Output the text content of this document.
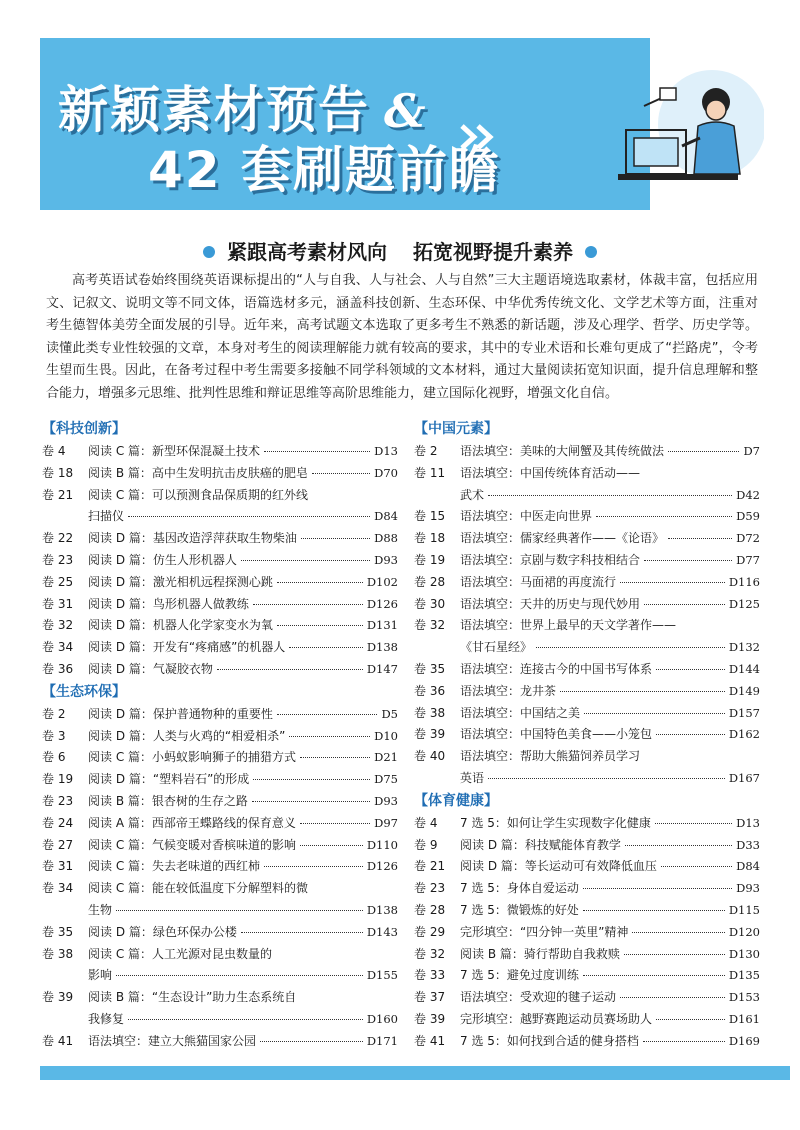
新颖素材预告 &
42 套刷题前瞻
紧跟高考素材风向 拓宽视野提升素养

高考英语试卷始终围绕英语课标提出的“人与自我、人与社会、人与自然”三大主题语境选取素材，体裁丰富，包括应用文、记叙文、说明文等不同文体，语篇选材多元，涵盖科技创新、生态环保、中华优秀传统文化、文学艺术等方面，注重对考生德智体美劳全面发展的引导。近年来，高考试题文本选取了更多考生不熟悉的新话题，涉及心理学、哲学、历史学等。读懂此类专业性较强的文章，本身对考生的阅读理解能力就有较高的要求，其中的专业术语和长难句更成了“拦路虎”，令考生望而生畏。因此，在备考过程中考生需要多接触不同学科领域的文本材料，通过大量阅读拓宽知识面，提升信息理解和整合能力，增强多元思维、批判性思维和辩证思维等高阶思维能力，建立国际化视野，增强文化自信。

【科技创新】
卷 4	阅读 C 篇：新型环保混凝土技术	D13
卷 18	阅读 B 篇：高中生发明抗击皮肤癌的肥皂	D70
卷 21	阅读 C 篇：可以预测食品保质期的红外线
扫描仪	D84
卷 22	阅读 D 篇：基因改造浮萍获取生物柴油	D88
卷 23	阅读 D 篇：仿生人形机器人	D93
卷 25	阅读 D 篇：激光相机远程探测心跳	D102
卷 31	阅读 D 篇：鸟形机器人做教练	D126
卷 32	阅读 D 篇：机器人化学家变水为氧	D131
卷 34	阅读 D 篇：开发有“疼痛感”的机器人	D138
卷 36	阅读 D 篇：气凝胶衣物	D147
【生态环保】
卷 2	阅读 D 篇：保护普通物种的重要性	D5
卷 3	阅读 D 篇：人类与火鸡的“相爱相杀”	D10
卷 6	阅读 C 篇：小蚂蚁影响狮子的捕猎方式	D21
卷 19	阅读 D 篇：“塑料岩石”的形成	D75
卷 23	阅读 B 篇：银杏树的生存之路	D93
卷 24	阅读 A 篇：西部帝王蝶路线的保育意义	D97
卷 27	阅读 C 篇：气候变暖对香槟味道的影响	D110
卷 31	阅读 C 篇：失去老味道的西红柿	D126
卷 34	阅读 C 篇：能在较低温度下分解塑料的微
生物	D138
卷 35	阅读 D 篇：绿色环保办公楼	D143
卷 38	阅读 C 篇：人工光源对昆虫数量的
影响	D155
卷 39	阅读 B 篇：“生态设计”助力生态系统自
我修复	D160
卷 41	语法填空：建立大熊猫国家公园	D171
【中国元素】
卷 2	语法填空：美味的大闸蟹及其传统做法	D7
卷 11	语法填空：中国传统体育活动——
武术	D42
卷 15	语法填空：中医走向世界	D59
卷 18	语法填空：儒家经典著作——《论语》	D72
卷 19	语法填空：京剧与数字科技相结合	D77
卷 28	语法填空：马面裙的再度流行	D116
卷 30	语法填空：天井的历史与现代妙用	D125
卷 32	语法填空：世界上最早的天文学著作——
《甘石星经》	D132
卷 35	语法填空：连接古今的中国书写体系	D144
卷 36	语法填空：龙井茶	D149
卷 38	语法填空：中国结之美	D157
卷 39	语法填空：中国特色美食——小笼包	D162
卷 40	语法填空：帮助大熊猫饲养员学习
英语	D167
【体育健康】
卷 4	7 选 5：如何让学生实现数字化健康	D13
卷 9	阅读 D 篇：科技赋能体育教学	D33
卷 21	阅读 D 篇：等长运动可有效降低血压	D84
卷 23	7 选 5：身体自爱运动	D93
卷 28	7 选 5：微锻炼的好处	D115
卷 29	完形填空：“四分钟一英里”精神	D120
卷 32	阅读 B 篇：骑行帮助自我救赎	D130
卷 33	7 选 5：避免过度训练	D135
卷 37	语法填空：受欢迎的毽子运动	D153
卷 39	完形填空：越野赛跑运动员赛场助人	D161
卷 41	7 选 5：如何找到合适的健身搭档	D169
